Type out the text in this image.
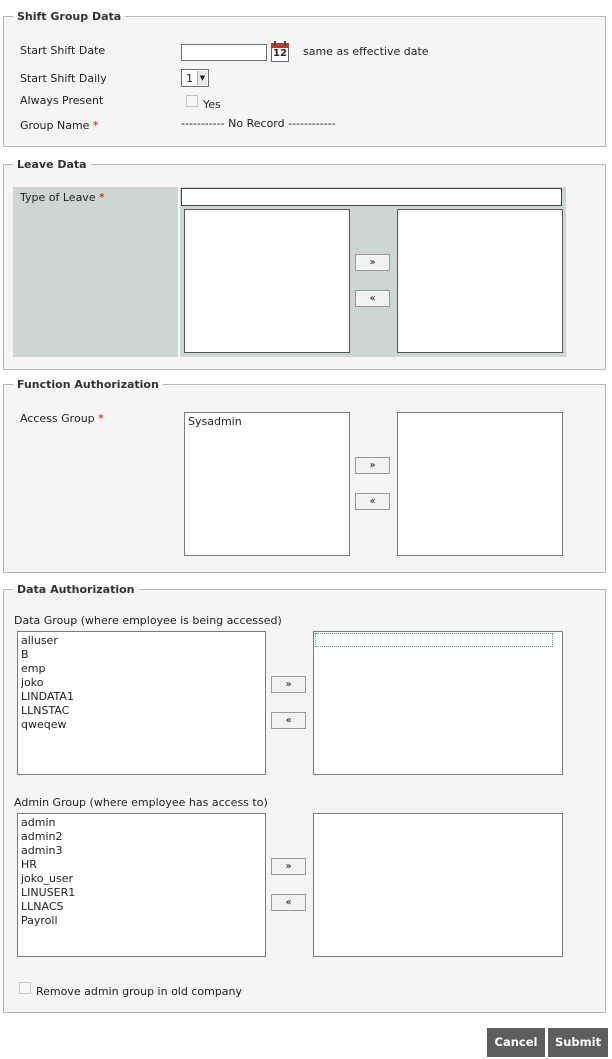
Shift Group Data
Start Shift Date	12 same as effective date
Start Shift Daily	1 ▼
Always Present	Yes
Group Name *	----------- No Record ------------
Leave Data
Type of Leave *
»
«
Function Authorization
Access Group *	Sysadmin
»
«
Data Authorization
Data Group (where employee is being accessed)
alluser
B
emp
joko
LINDATA1
LLNSTAC
qweqew
»
«
Admin Group (where employee has access to)
admin
admin2
admin3
HR
joko_user
LINUSER1
LLNACS
Payroll
»
«
Remove admin group in old company
Cancel	Submit
